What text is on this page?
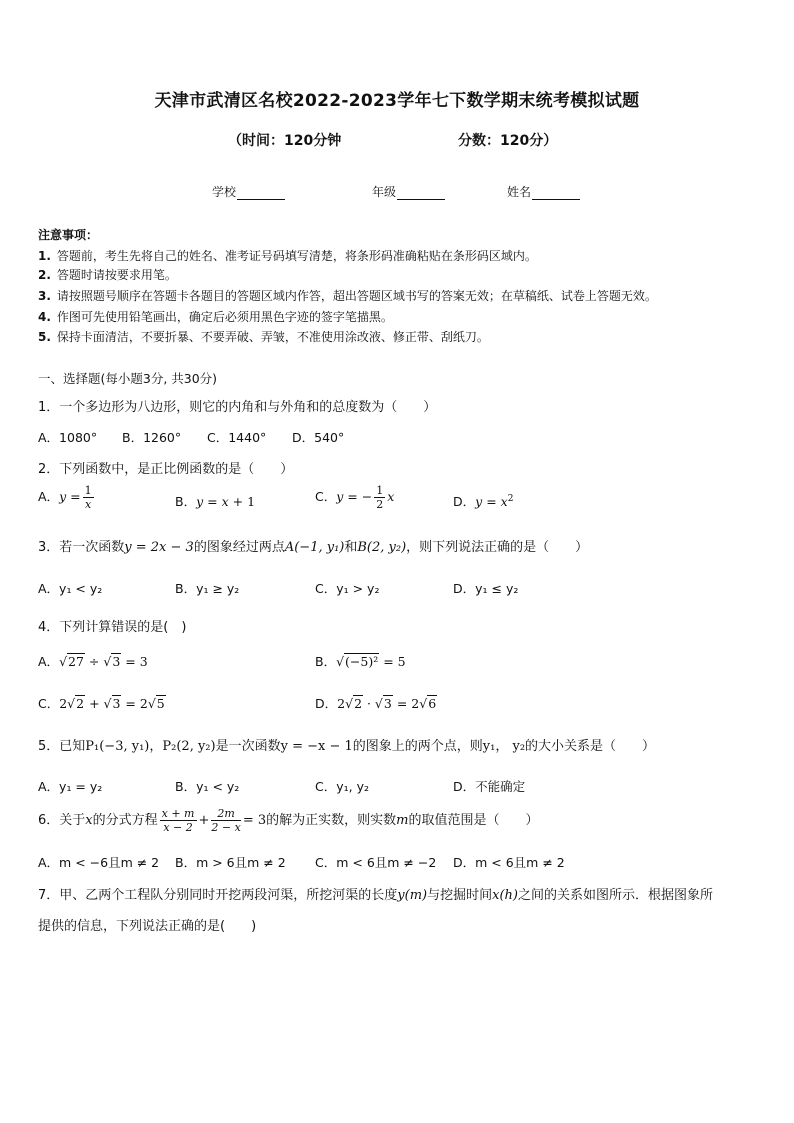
天津市武清区名校2022-2023学年七下数学期末统考模拟试题
（时间：120分钟	分数：120分）
学校	年级	姓名
注意事项：
1. 答题前，考生先将自己的姓名、准考证号码填写清楚，将条形码准确粘贴在条形码区域内。
2. 答题时请按要求用笔。
3. 请按照题号顺序在答题卡各题目的答题区域内作答，超出答题区域书写的答案无效；在草稿纸、试卷上答题无效。
4. 作图可先使用铅笔画出，确定后必须用黑色字迹的签字笔描黑。
5. 保持卡面清洁，不要折暴、不要弄破、弄皱，不准使用涂改液、修正带、刮纸刀。
一、选择题(每小题3分, 共30分)
1．一个多边形为八边形，则它的内角和与外角和的总度数为（　　）
A．1080° B．1260° C．1440° D．540°
2．下列函数中，是正比例函数的是（　　）
A．$y = \frac{1}{x}$	B．y = x + 1	C．y = − $\frac{1}{2}$ x	D．$y = x^2$
3．若一次函数y = 2x − 3的图象经过两点A(−1, y₁)和B(2, y₂)，则下列说法正确的是（　　）
A．y₁ < y₂	B．y₁ ≥ y₂	C．y₁ > y₂	D．y₁ ≤ y₂
4．下列计算错误的是(　)
A．√27 ÷ √3 = 3	B．√(−5)² = 5
C．2√2 + √3 = 2√5	D．2√2 · √3 = 2√6
5．已知P₁(−3, y₁)，P₂(2, y₂)是一次函数y = −x − 1的图象上的两个点，则y₁， y₂的大小关系是（　　）
A．y₁ = y₂	B．y₁ < y₂	C．y₁, y₂	D．不能确定
6．关于x的分式方程 $\frac{x + m}{x - 2} + \frac{2m}{2 - x} = 3$的解为正实数，则实数m的取值范围是（　　）
A．m < −6且m ≠ 2 B．m > 6且m ≠ 2 C．m < 6且m ≠ −2 D．m < 6且m ≠ 2
7．甲、乙两个工程队分别同时开挖两段河渠，所挖河渠的长度y(m)与挖掘时间x(h)之间的关系如图所示．根据图象所
提供的信息，下列说法正确的是(　　)
